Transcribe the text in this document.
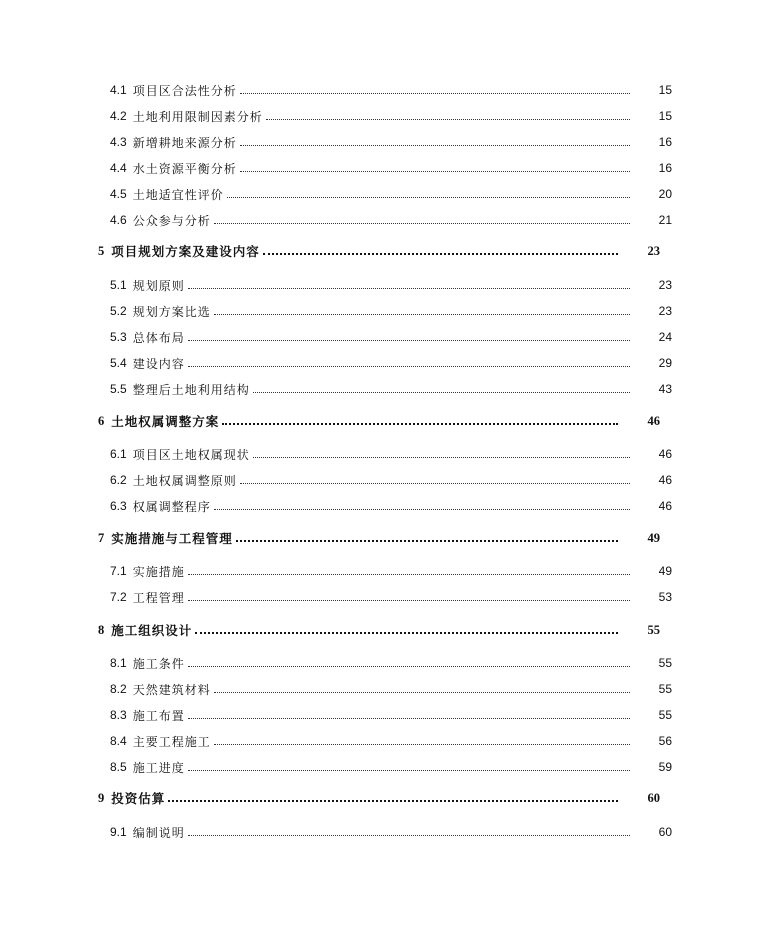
4.1 项目区合法性分析	15
4.2 土地利用限制因素分析	15
4.3 新增耕地来源分析	16
4.4 水土资源平衡分析	16
4.5 土地适宜性评价	20
4.6 公众参与分析	21
5 项目规划方案及建设内容	23
5.1 规划原则	23
5.2 规划方案比选	23
5.3 总体布局	24
5.4 建设内容	29
5.5 整理后土地利用结构	43
6 土地权属调整方案	46
6.1 项目区土地权属现状	46
6.2 土地权属调整原则	46
6.3 权属调整程序	46
7 实施措施与工程管理	49
7.1 实施措施	49
7.2 工程管理	53
8 施工组织设计	55
8.1 施工条件	55
8.2 天然建筑材料	55
8.3 施工布置	55
8.4 主要工程施工	56
8.5 施工进度	59
9 投资估算	60
9.1 编制说明	60
